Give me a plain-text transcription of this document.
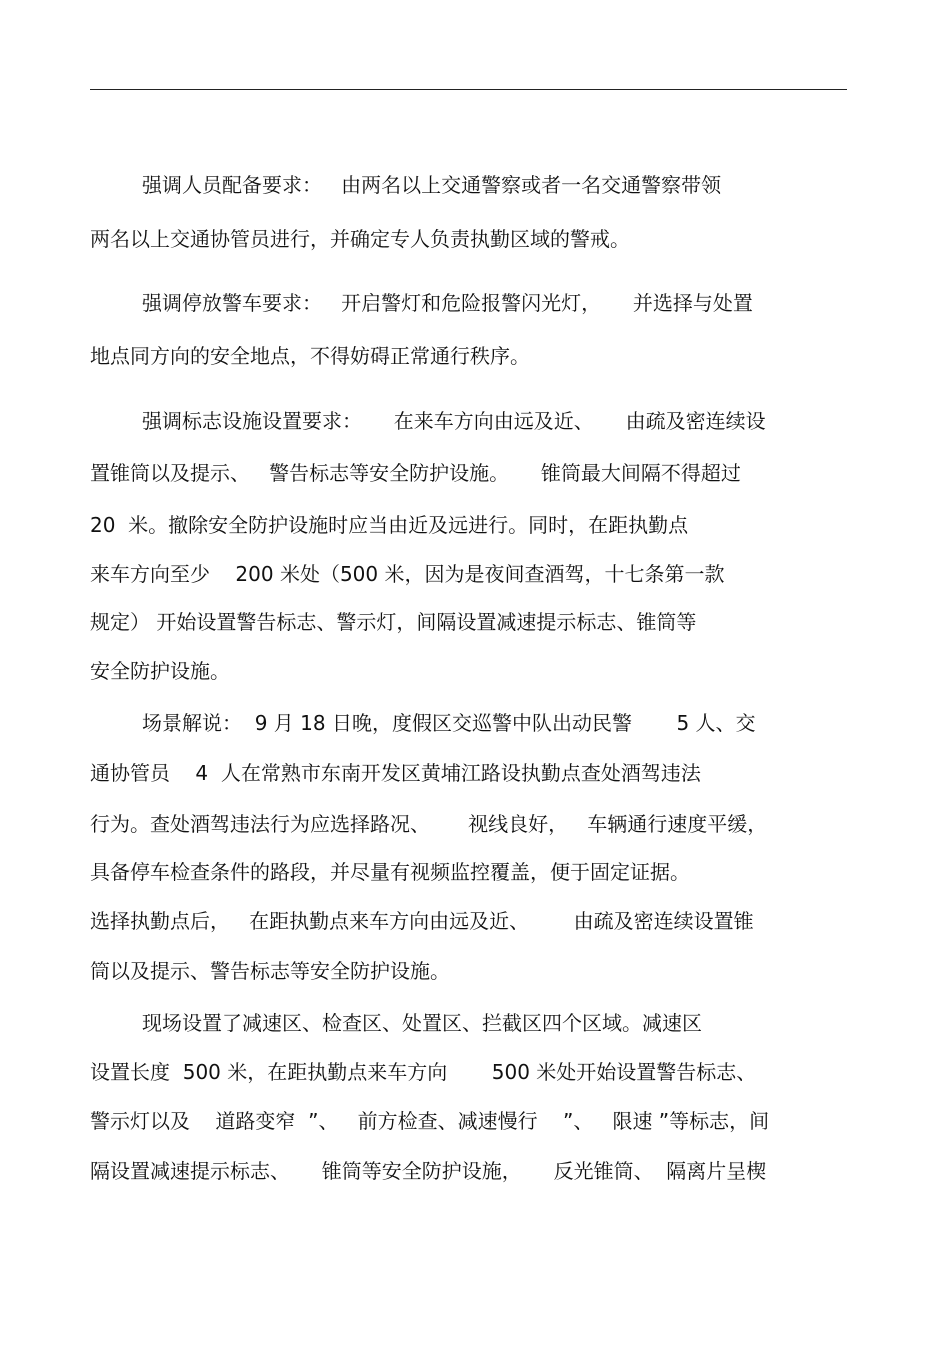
强调人员配备要求：   由两名以上交通警察或者一名交通警察带领
两名以上交通协管员进行，并确定专人负责执勤区域的警戒。
强调停放警车要求：   开启警灯和危险报警闪光灯，     并选择与处置
地点同方向的安全地点，不得妨碍正常通行秩序。
强调标志设施设置要求：     在来车方向由远及近、     由疏及密连续设
置锥筒以及提示、   警告标志等安全防护设施。     锥筒最大间隔不得超过
20  米。撤除安全防护设施时应当由近及远进行。同时，在距执勤点
来车方向至少    200 米处（500 米，因为是夜间查酒驾，十七条第一款
规定） 开始设置警告标志、警示灯，间隔设置减速提示标志、锥筒等
安全防护设施。
场景解说：  9 月 18 日晚，度假区交巡警中队出动民警       5 人、交
通协管员    4  人在常熟市东南开发区黄埔江路设执勤点查处酒驾违法
行为。查处酒驾违法行为应选择路况、      视线良好，   车辆通行速度平缓，
具备停车检查条件的路段，并尽量有视频监控覆盖，便于固定证据。
选择执勤点后，   在距执勤点来车方向由远及近、       由疏及密连续设置锥
筒以及提示、警告标志等安全防护设施。
现场设置了减速区、检查区、处置区、拦截区四个区域。减速区
设置长度  500 米，在距执勤点来车方向       500 米处开始设置警告标志、
警示灯以及    道路变窄  ”、   前方检查、减速慢行    ”、   限速 ”等标志，间
隔设置减速提示标志、     锥筒等安全防护设施，     反光锥筒、  隔离片呈楔
